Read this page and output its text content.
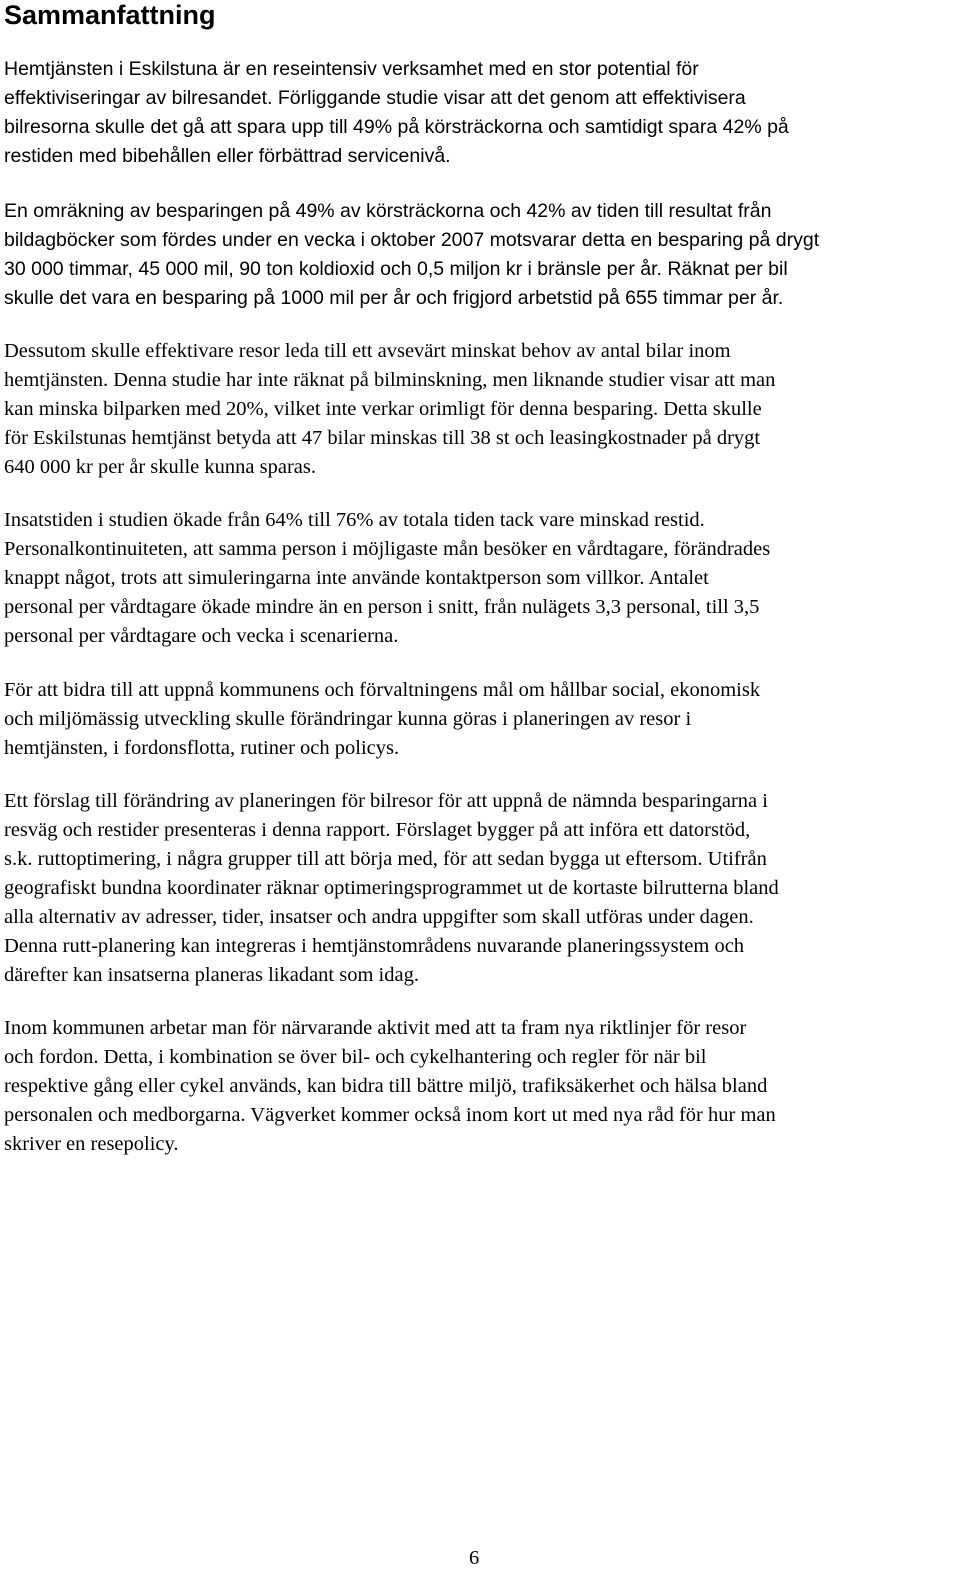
Sammanfattning

Hemtjänsten i Eskilstuna är en reseintensiv verksamhet med en stor potential för
effektiviseringar av bilresandet. Förliggande studie visar att det genom att effektivisera
bilresorna skulle det gå att spara upp till 49% på körsträckorna och samtidigt spara 42% på
restiden med bibehållen eller förbättrad servicenivå.

En omräkning av besparingen på 49% av körsträckorna och 42% av tiden till resultat från
bildagböcker som fördes under en vecka i oktober 2007 motsvarar detta en besparing på drygt
30 000 timmar, 45 000 mil, 90 ton koldioxid och 0,5 miljon kr i bränsle per år. Räknat per bil
skulle det vara en besparing på 1000 mil per år och frigjord arbetstid på 655 timmar per år.

Dessutom skulle effektivare resor leda till ett avsevärt minskat behov av antal bilar inom
hemtjänsten. Denna studie har inte räknat på bilminskning, men liknande studier visar att man
kan minska bilparken med 20%, vilket inte verkar orimligt för denna besparing. Detta skulle
för Eskilstunas hemtjänst betyda att 47 bilar minskas till 38 st och leasingkostnader på drygt
640 000 kr per år skulle kunna sparas.

Insatstiden i studien ökade från 64% till 76% av totala tiden tack vare minskad restid.
Personalkontinuiteten, att samma person i möjligaste mån besöker en vårdtagare, förändrades
knappt något, trots att simuleringarna inte använde kontaktperson som villkor. Antalet
personal per vårdtagare ökade mindre än en person i snitt, från nulägets 3,3 personal, till 3,5
personal per vårdtagare och vecka i scenarierna.

För att bidra till att uppnå kommunens och förvaltningens mål om hållbar social, ekonomisk
och miljömässig utveckling skulle förändringar kunna göras i planeringen av resor i
hemtjänsten, i fordonsflotta, rutiner och policys.

Ett förslag till förändring av planeringen för bilresor för att uppnå de nämnda besparingarna i
resväg och restider presenteras i denna rapport. Förslaget bygger på att införa ett datorstöd,
s.k. ruttoptimering, i några grupper till att börja med, för att sedan bygga ut eftersom. Utifrån
geografiskt bundna koordinater räknar optimeringsprogrammet ut de kortaste bilrutterna bland
alla alternativ av adresser, tider, insatser och andra uppgifter som skall utföras under dagen.
Denna rutt-planering kan integreras i hemtjänstområdens nuvarande planeringssystem och
därefter kan insatserna planeras likadant som idag.

Inom kommunen arbetar man för närvarande aktivit med att ta fram nya riktlinjer för resor
och fordon. Detta, i kombination se över bil- och cykelhantering och regler för när bil
respektive gång eller cykel används, kan bidra till bättre miljö, trafiksäkerhet och hälsa bland
personalen och medborgarna. Vägverket kommer också inom kort ut med nya råd för hur man
skriver en resepolicy.

6
